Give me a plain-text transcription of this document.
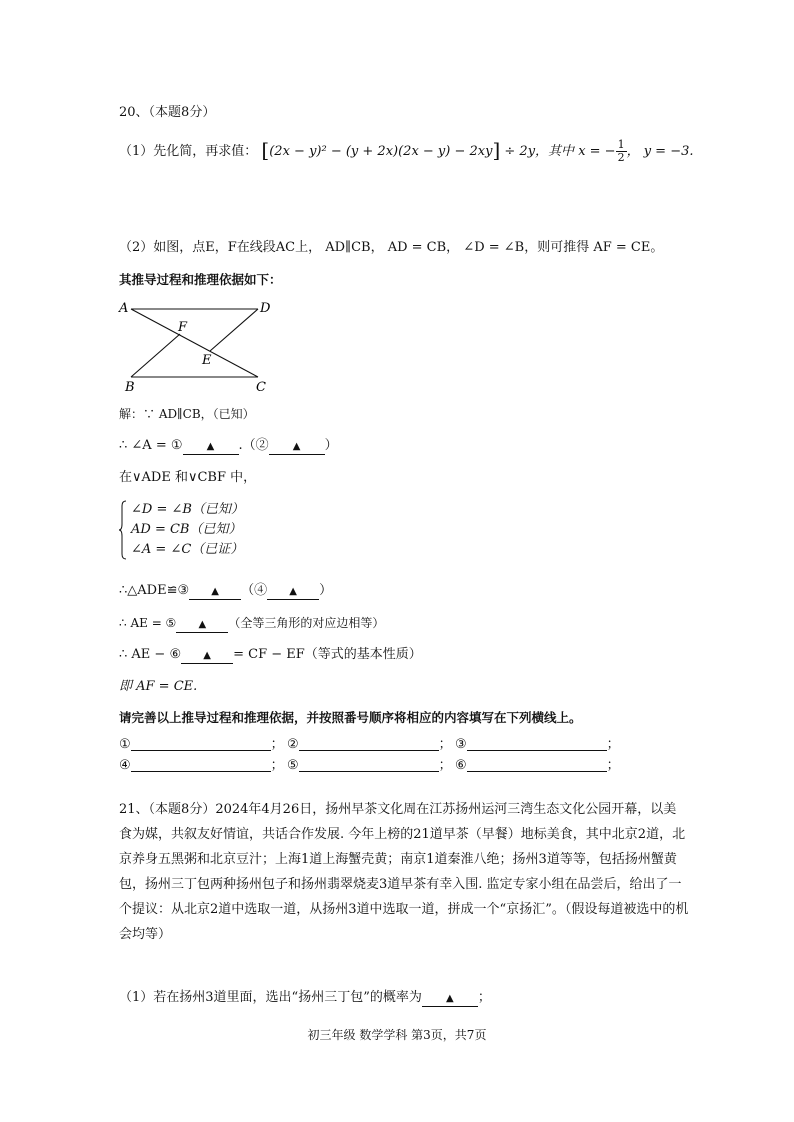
20、（本题8分）
（1）先化简，再求值： [(2x − y)² − (y + 2x)(2x − y) − 2xy] ÷ 2y，其中 x = − $\frac{1}{2}$ ， y = −3.
（2）如图，点E，F在线段AC上， AD∥CB， AD = CB， ∠D = ∠B，则可推得 AF = CE。
其推导过程和推理依据如下：
A	D
F
E
B	C
解：∵ AD∥CB，（已知）
∴ ∠A = ① ▲ .（② ▲ ）
在∨ADE 和∨CBF 中，
∠D = ∠B（已知）
AD = CB（已知）
∠A = ∠C（已证）
∴△ADE≌③ ▲ （④ ▲ ）
∴ AE = ⑤ ▲ （全等三角形的对应边相等）
∴ AE − ⑥ ▲ = CF − EF（等式的基本性质）
即 AF = CE.
请完善以上推导过程和推理依据，并按照番号顺序将相应的内容填写在下列横线上。
①	； ②	； ③	；
④	； ⑤	； ⑥	；
21、（本题8分）2024年4月26日，扬州早茶文化周在江苏扬州运河三湾生态文化公园开幕，以美食为媒，共叙友好情谊，共话合作发展. 今年上榜的21道早茶（早餐）地标美食，其中北京2道，北京养身五黑粥和北京豆汁；上海1道上海蟹壳黄；南京1道秦淮八绝；扬州3道等等，包括扬州蟹黄包，扬州三丁包两种扬州包子和扬州翡翠烧麦3道早茶有幸入围. 监定专家小组在品尝后，给出了一个提议：从北京2道中选取一道，从扬州3道中选取一道，拼成一个“京扬汇”。（假设每道被选中的机会均等）
（1）若在扬州3道里面，选出“扬州三丁包”的概率为 ▲ ；
初三年级 数学学科 第3页，共7页
